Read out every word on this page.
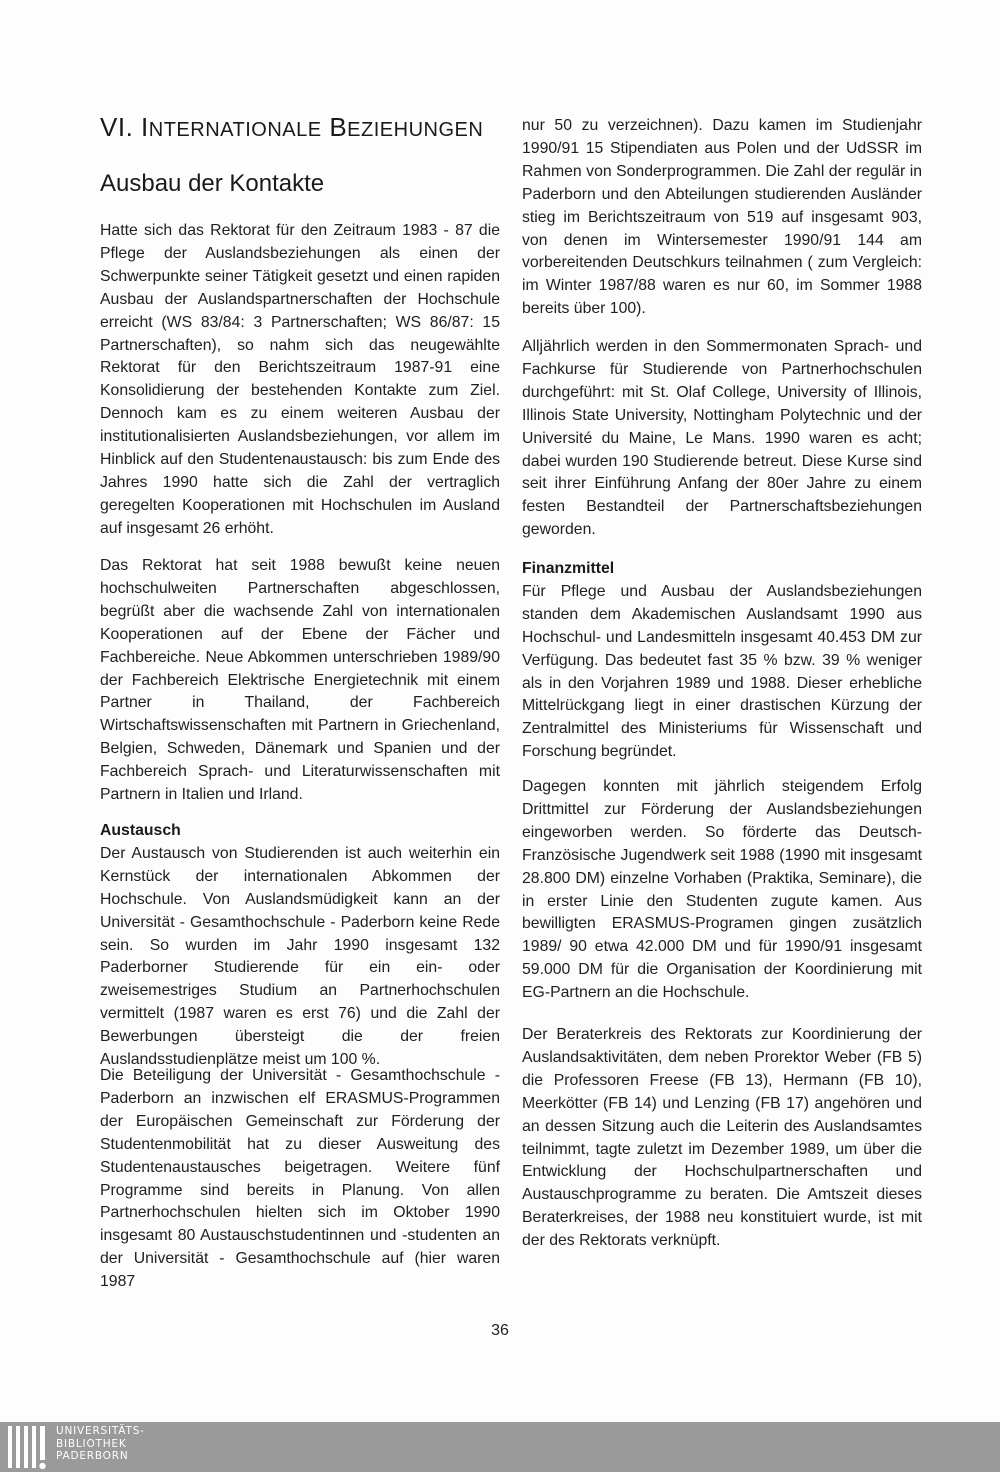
VI. INTERNATIONALE BEZIEHUNGEN
Ausbau der Kontakte

Hatte sich das Rektorat für den Zeitraum 1983 - 87 die Pflege der Auslandsbeziehungen als einen der Schwerpunkte seiner Tätigkeit gesetzt und einen rapiden Ausbau der Auslandspartnerschaften der Hochschule erreicht (WS 83/84: 3 Partnerschaften; WS 86/87: 15 Partnerschaften), so nahm sich das neugewählte Rektorat für den Berichtszeitraum 1987-91 eine Konsolidierung der bestehenden Kontakte zum Ziel. Dennoch kam es zu einem weiteren Ausbau der institutionalisierten Auslandsbeziehungen, vor allem im Hinblick auf den Studentenaustausch: bis zum Ende des Jahres 1990 hatte sich die Zahl der vertraglich geregelten Kooperationen mit Hochschulen im Ausland auf insgesamt 26 erhöht.

Das Rektorat hat seit 1988 bewußt keine neuen hochschulweiten Partnerschaften abgeschlossen, begrüßt aber die wachsende Zahl von internationalen Kooperationen auf der Ebene der Fächer und Fachbereiche. Neue Abkommen unterschrieben 1989/90 der Fachbereich Elektrische Energietechnik mit einem Partner in Thailand, der Fachbereich Wirtschaftswissenschaften mit Partnern in Griechenland, Belgien, Schweden, Dänemark und Spanien und der Fachbereich Sprach- und Literaturwissenschaften mit Partnern in Italien und Irland.

Austausch

Der Austausch von Studierenden ist auch weiterhin ein Kernstück der internationalen Abkommen der Hochschule. Von Auslandsmüdigkeit kann an der Universität - Gesamthochschule - Paderborn keine Rede sein. So wurden im Jahr 1990 insgesamt 132 Paderborner Studierende für ein ein- oder zweisemestriges Studium an Partnerhochschulen vermittelt (1987 waren es erst 76) und die Zahl der Bewerbungen übersteigt die der freien Auslandsstudienplätze meist um 100 %.

Die Beteiligung der Universität - Gesamthochschule - Paderborn an inzwischen elf ERASMUS-Programmen der Europäischen Gemeinschaft zur Förderung der Studentenmobilität hat zu dieser Ausweitung des Studentenaustausches beigetragen. Weitere fünf Programme sind bereits in Planung. Von allen Partnerhochschulen hielten sich im Oktober 1990 insgesamt 80 Austauschstudentinnen und -studenten an der Universität - Gesamthochschule auf (hier waren 1987

nur 50 zu verzeichnen). Dazu kamen im Studienjahr 1990/91 15 Stipendiaten aus Polen und der UdSSR im Rahmen von Sonderprogrammen. Die Zahl der regulär in Paderborn und den Abteilungen studierenden Ausländer stieg im Berichtszeitraum von 519 auf insgesamt 903, von denen im Wintersemester 1990/91 144 am vorbereitenden Deutschkurs teilnahmen ( zum Vergleich: im Winter 1987/88 waren es nur 60, im Sommer 1988 bereits über 100).

Alljährlich werden in den Sommermonaten Sprach- und Fachkurse für Studierende von Partnerhochschulen durchgeführt: mit St. Olaf College, University of Illinois, Illinois State University, Nottingham Polytechnic und der Université du Maine, Le Mans. 1990 waren es acht; dabei wurden 190 Studierende betreut. Diese Kurse sind seit ihrer Einführung Anfang der 80er Jahre zu einem festen Bestandteil der Partnerschaftsbeziehungen geworden.

Finanzmittel

Für Pflege und Ausbau der Auslandsbeziehungen standen dem Akademischen Auslandsamt 1990 aus Hochschul- und Landesmitteln insgesamt 40.453 DM zur Verfügung. Das bedeutet fast 35 % bzw. 39 % weniger als in den Vorjahren 1989 und 1988. Dieser erhebliche Mittelrückgang liegt in einer drastischen Kürzung der Zentralmittel des Ministeriums für Wissenschaft und Forschung begründet.

Dagegen konnten mit jährlich steigendem Erfolg Drittmittel zur Förderung der Auslandsbeziehungen eingeworben werden. So förderte das Deutsch-Französische Jugendwerk seit 1988 (1990 mit insgesamt 28.800 DM) einzelne Vorhaben (Praktika, Seminare), die in erster Linie den Studenten zugute kamen. Aus bewilligten ERASMUS-Programen gingen zusätzlich 1989/ 90 etwa 42.000 DM und für 1990/91 insgesamt 59.000 DM für die Organisation der Koordinierung mit EG-Partnern an die Hochschule.

Der Beraterkreis des Rektorats zur Koordinierung der Auslandsaktivitäten, dem neben Prorektor Weber (FB 5) die Professoren Freese (FB 13), Hermann (FB 10), Meerkötter (FB 14) und Lenzing (FB 17) angehören und an dessen Sitzung auch die Leiterin des Auslandsamtes teilnimmt, tagte zuletzt im Dezember 1989, um über die Entwicklung der Hochschulpartnerschaften und Austauschprogramme zu beraten. Die Amtszeit dieses Beraterkreises, der 1988 neu konstituiert wurde, ist mit der des Rektorats verknüpft.

36
UNIVERSITÄTS-
BIBLIOTHEK
PADERBORN
